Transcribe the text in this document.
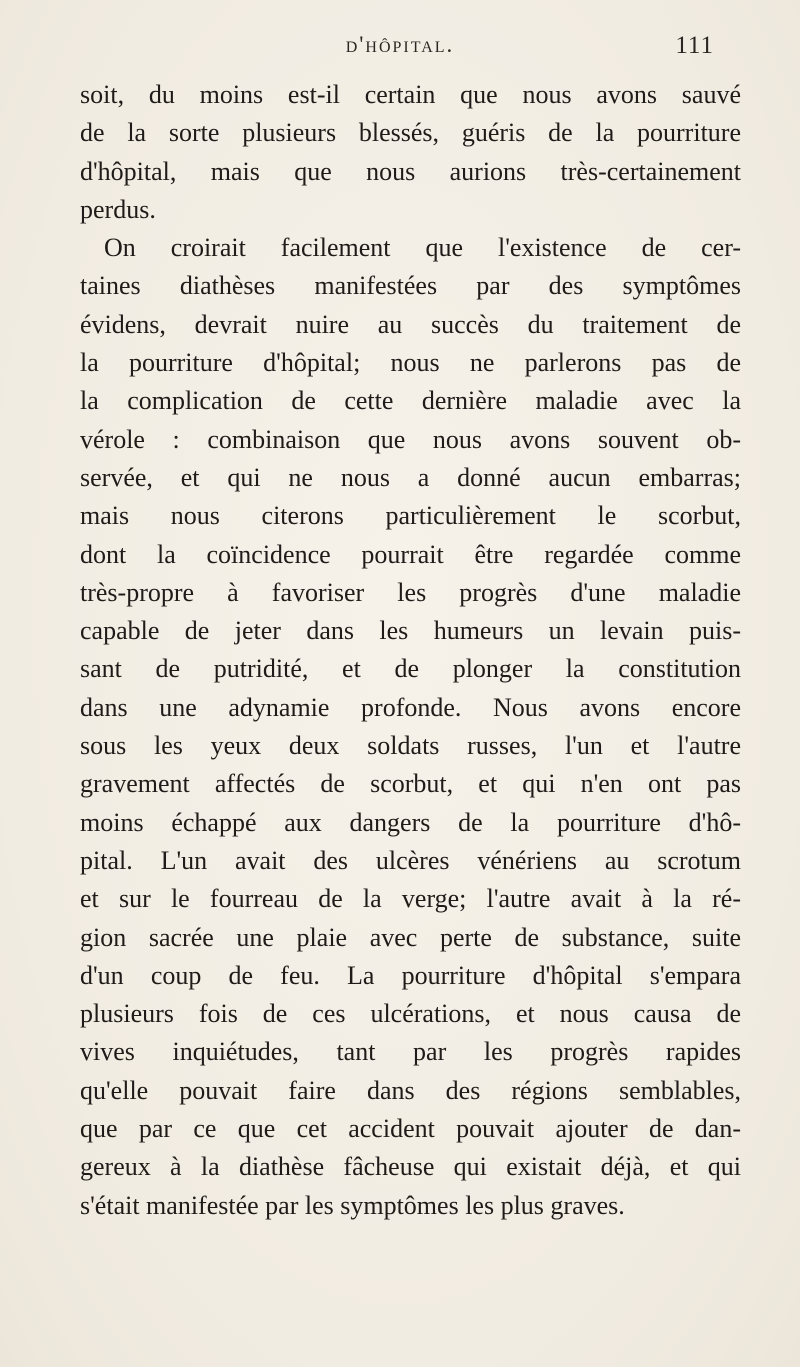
d'hôpital.	111
soit, du moins est-il certain que nous avons sauvé
de la sorte plusieurs blessés, guéris de la pourriture
d'hôpital, mais que nous aurions très-certainement
perdus.
On croirait facilement que l'existence de cer-
taines diathèses manifestées par des symptômes
évidens, devrait nuire au succès du traitement de
la pourriture d'hôpital; nous ne parlerons pas de
la complication de cette dernière maladie avec la
vérole : combinaison que nous avons souvent ob-
servée, et qui ne nous a donné aucun embarras;
mais nous citerons particulièrement le scorbut,
dont la coïncidence pourrait être regardée comme
très-propre à favoriser les progrès d'une maladie
capable de jeter dans les humeurs un levain puis-
sant de putridité, et de plonger la constitution
dans une adynamie profonde. Nous avons encore
sous les yeux deux soldats russes, l'un et l'autre
gravement affectés de scorbut, et qui n'en ont pas
moins échappé aux dangers de la pourriture d'hô-
pital. L'un avait des ulcères vénériens au scrotum
et sur le fourreau de la verge; l'autre avait à la ré-
gion sacrée une plaie avec perte de substance, suite
d'un coup de feu. La pourriture d'hôpital s'empara
plusieurs fois de ces ulcérations, et nous causa de
vives inquiétudes, tant par les progrès rapides
qu'elle pouvait faire dans des régions semblables,
que par ce que cet accident pouvait ajouter de dan-
gereux à la diathèse fâcheuse qui existait déjà, et qui
s'était manifestée par les symptômes les plus graves.
